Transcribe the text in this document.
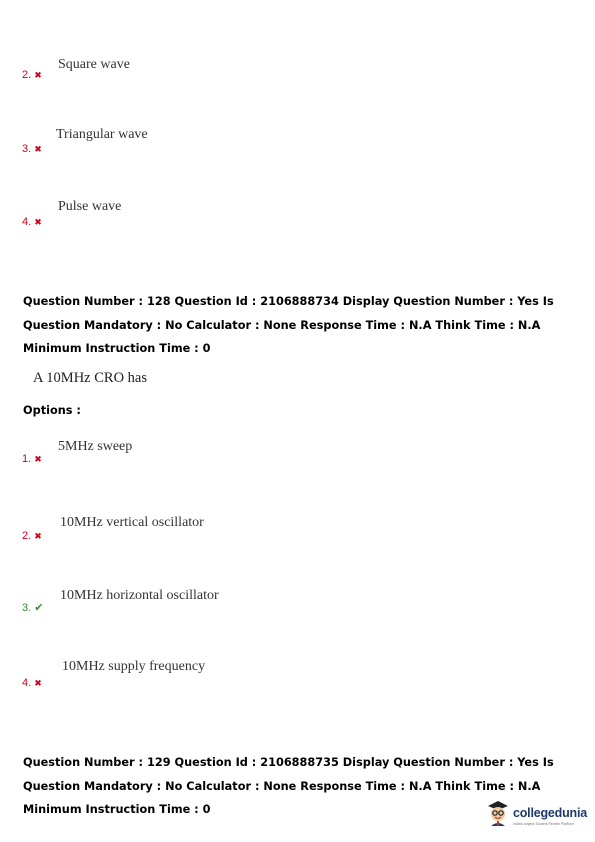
Square wave
2. ✖
Triangular wave
3. ✖
Pulse wave
4. ✖
Question Number : 128 Question Id : 2106888734 Display Question Number : Yes Is Question Mandatory : No Calculator : None Response Time : N.A Think Time : N.A Minimum Instruction Time : 0
A 10MHz CRO has
Options :
5MHz sweep
1. ✖
10MHz vertical oscillator
2. ✖
10MHz horizontal oscillator
3. ✔
10MHz supply frequency
4. ✖
Question Number : 129 Question Id : 2106888735 Display Question Number : Yes Is Question Mandatory : No Calculator : None Response Time : N.A Think Time : N.A Minimum Instruction Time : 0	collegedunia
India's largest Student Review Platform
